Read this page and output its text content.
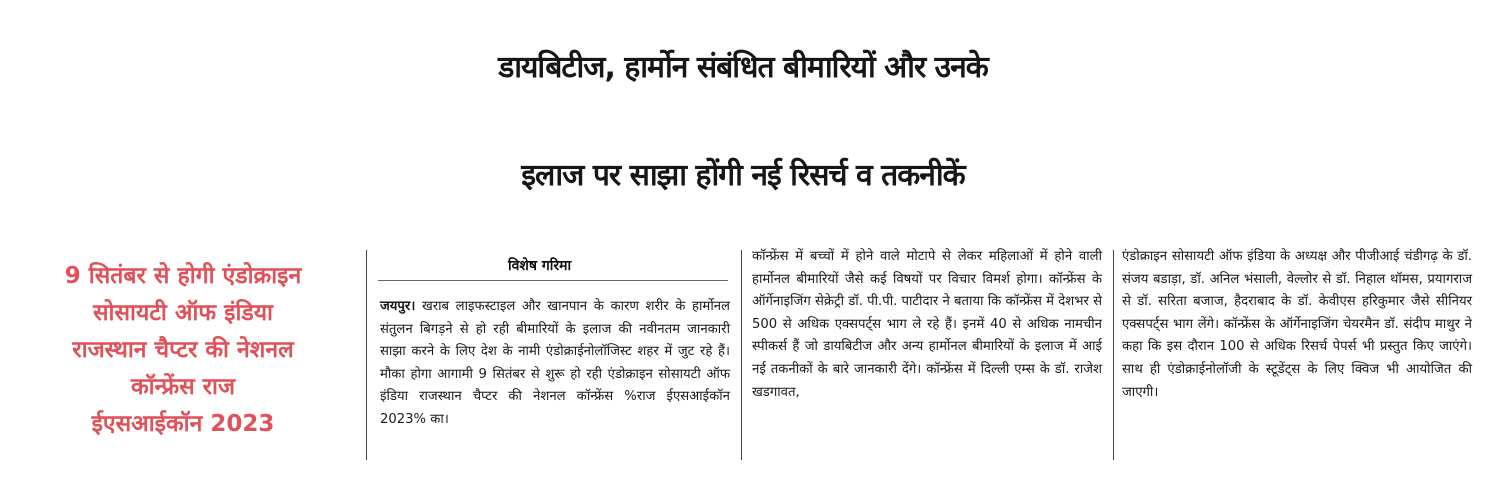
डायबिटीज, हार्मोन संबंधित बीमारियों और उनके
इलाज पर साझा होंगी नई रिसर्च व तकनीकें
9 सितंबर से होगी एंडोक्राइन
सोसायटी ऑफ इंडिया
राजस्थान चैप्टर की नेशनल
कॉन्फ्रेंस राज
ईएसआईकॉन 2023
विशेष गरिमा

जयपुर। खराब लाइफस्टाइल और खानपान के कारण शरीर के हार्मोनल संतुलन बिगड़ने से हो रही बीमारियों के इलाज की नवीनतम जानकारी साझा करने के लिए देश के नामी एंडोक्राईनोलॉजिस्ट शहर में जुट रहे हैं। मौका होगा आगामी 9 सितंबर से शुरू हो रही एंडोक्राइन सोसायटी ऑफ इंडिया राजस्थान चैप्टर की नेशनल कॉन्फ्रेंस %राज ईएसआईकॉन 2023% का।

कॉन्फ्रेंस में बच्चों में होने वाले मोटापे से लेकर महिलाओं में होने वाली हार्मोनल बीमारियों जैसे कई विषयों पर विचार विमर्श होगा। कॉन्फ्रेंस के ऑर्गेनाइजिंग सेक्रेट्री डॉ. पी.पी. पाटीदार ने बताया कि कॉन्फ्रेंस में देशभर से 500 से अधिक एक्सपर्ट्स भाग ले रहे हैं। इनमें 40 से अधिक नामचीन स्पीकर्स हैं जो डायबिटीज और अन्य हार्मोनल बीमारियों के इलाज में आई नई तकनीकों के बारे जानकारी देंगे। कॉन्फ्रेंस में दिल्ली एम्स के डॉ. राजेश खडगावत,

एंडोक्राइन सोसायटी ऑफ इंडिया के अध्यक्ष और पीजीआई चंडीगढ़ के डॉ. संजय बडाड़ा, डॉ. अनिल भंसाली, वेल्लोर से डॉ. निहाल थॉमस, प्रयागराज से डॉ. सरिता बजाज, हैदराबाद के डॉ. केवीएस हरिकुमार जैसे सीनियर एक्सपर्ट्स भाग लेंगे। कॉन्फ्रेंस के ऑर्गेनाइजिंग चेयरमैन डॉ. संदीप माथुर ने कहा कि इस दौरान 100 से अधिक रिसर्च पेपर्स भी प्रस्तुत किए जाएंगे। साथ ही एंडोक्राईनोलॉजी के स्टूडेंट्स के लिए क्विज भी आयोजित की जाएगी।
